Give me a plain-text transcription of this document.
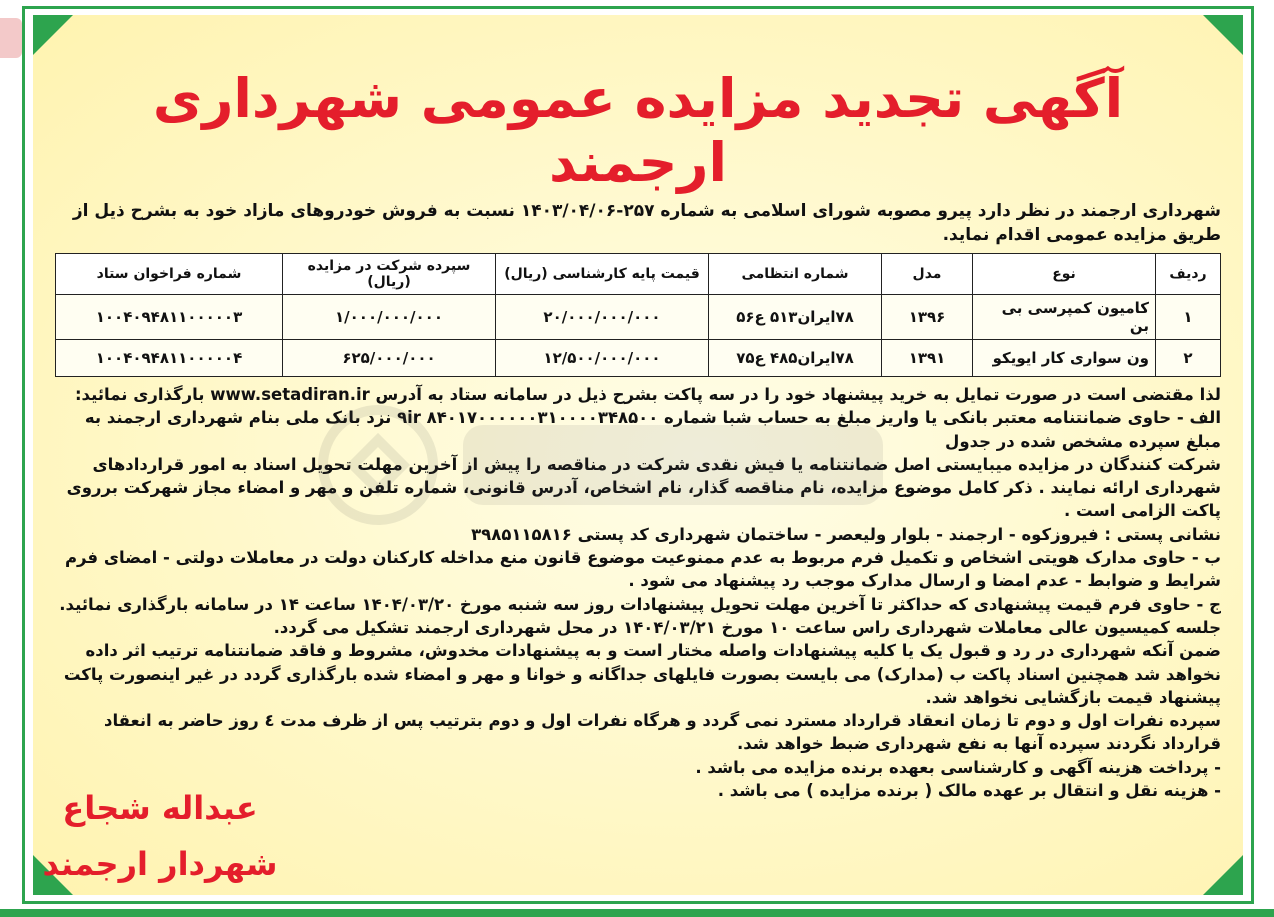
آگهی تجدید مزایده عمومی شهرداری ارجمند

شهرداری ارجمند در نظر دارد پیرو مصوبه شورای اسلامی به شماره ۲۵۷-۱۴۰۳/۰۴/۰۶ نسبت به فروش خودروهای مازاد خود به بشرح ذیل از طریق مزایده عمومی اقدام نماید.

ردیف	نوع	مدل	شماره انتظامی	قیمت پایه کارشناسی (ریال)	سپرده شرکت در مزایده (ریال)	شماره فراخوان ستاد
۱	کامیون کمپرسی بی بن	۱۳۹۶	۷۸ایران۵۱۳ ع۵۶	۲۰/۰۰۰/۰۰۰/۰۰۰	۱/۰۰۰/۰۰۰/۰۰۰	۱۰۰۴۰۹۴۸۱۱۰۰۰۰۰۳
۲	ون سواری کار ایویکو	۱۳۹۱	۷۸ایران۴۸۵ ع۷۵	۱۲/۵۰۰/۰۰۰/۰۰۰	۶۲۵/۰۰۰/۰۰۰	۱۰۰۴۰۹۴۸۱۱۰۰۰۰۰۴

لذا مقتضی است در صورت تمایل به خرید پیشنهاد خود را در سه پاکت بشرح ذیل در سامانه ستاد به آدرس www.setadiran.ir بارگذاری نمائید:

الف - حاوی ضمانتنامه معتبر بانکی یا واریز مبلغ به حساب شبا شماره ۹ir ۸۴۰۱۷۰۰۰۰۰۰۳۱۰۰۰۰۳۴۸۵۰۰ نزد بانک ملی بنام شهرداری ارجمند به مبلغ سپرده مشخص شده در جدول

شرکت کنندگان در مزایده میبایستی اصل ضمانتنامه یا فیش نقدی شرکت در مناقصه را پیش از آخرین مهلت تحویل اسناد به امور قراردادهای شهرداری ارائه نمایند . ذکر کامل موضوع مزایده، نام مناقصه گذار، نام اشخاص، آدرس قانونی، شماره تلفن و مهر و امضاء مجاز شهرکت برروی پاکت الزامی است .

نشانی پستی : فیروزکوه - ارجمند - بلوار ولیعصر - ساختمان شهرداری کد پستی ۳۹۸۵۱۱۵۸۱۶

ب - حاوی مدارک هویتی اشخاص و تکمیل فرم مربوط به عدم ممنوعیت موضوع قانون منع مداخله کارکنان دولت در معاملات دولتی - امضای فرم شرایط و ضوابط - عدم امضا و ارسال مدارک موجب رد پیشنهاد می شود .

ج - حاوی فرم قیمت پیشنهادی که حداکثر تا آخرین مهلت تحویل پیشنهادات روز سه شنبه مورخ ۱۴۰۴/۰۳/۲۰ ساعت ۱۴ در سامانه بارگذاری نمائید.

جلسه کمیسیون عالی معاملات شهرداری راس ساعت ۱۰ مورخ ۱۴۰۴/۰۳/۲۱ در محل شهرداری ارجمند تشکیل می گردد.

ضمن آنکه شهرداری در رد و قبول یک یا کلیه پیشنهادات واصله مختار است و به پیشنهادات مخدوش، مشروط و فاقد ضمانتنامه ترتیب اثر داده نخواهد شد همچنین اسناد پاکت ب (مدارک) می بایست بصورت فایلهای جداگانه و خوانا و مهر و امضاء شده بارگذاری گردد در غیر اینصورت پاکت پیشنهاد قیمت بازگشایی نخواهد شد.

سپرده نفرات اول و دوم تا زمان انعقاد قرارداد مسترد نمی گردد و هرگاه نفرات اول و دوم بترتیب پس از ظرف مدت ٤ روز حاضر به انعقاد قرارداد نگردند سپرده آنها به نفع شهرداری ضبط خواهد شد.

- پرداخت هزینه آگهی و کارشناسی بعهده برنده مزایده می باشد .

- هزینه نقل و انتقال بر عهده مالک ( برنده مزایده ) می باشد .

عبداله شجاع
شهردار ارجمند
